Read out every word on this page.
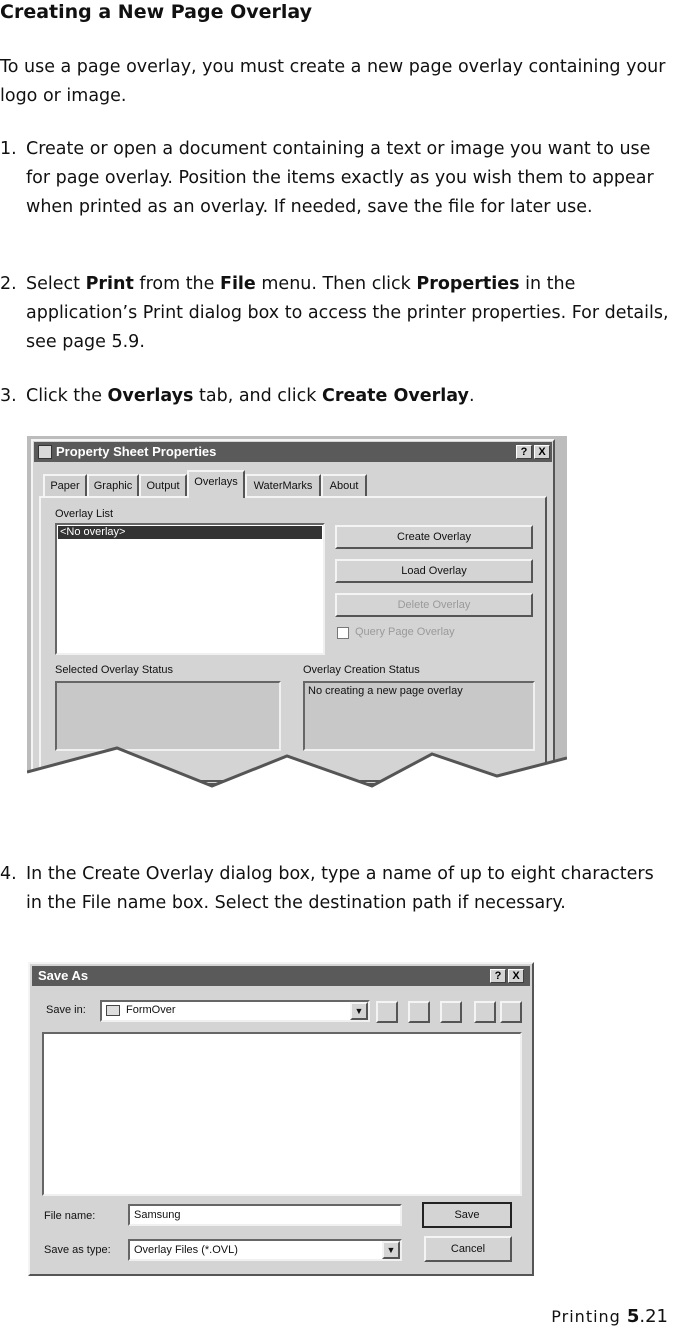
Creating a New Page Overlay
To use a page overlay, you must create a new page overlay containing your logo or image.
1. Create or open a document containing a text or image you want to use for page overlay. Position the items exactly as you wish them to appear when printed as an overlay. If needed, save the file for later use.
2. Select Print from the File menu. Then click Properties in the application’s Print dialog box to access the printer properties. For details, see page 5.9.
3. Click the Overlays tab, and click Create Overlay.
Property Sheet Properties	? X
Paper	Graphic	Output	Overlays	WaterMarks	About
Overlay List
<No overlay>	Create Overlay
Load Overlay
Delete Overlay
Query Page Overlay
Selected Overlay Status	Overlay Creation Status
No creating a new page overlay
4. In the Create Overlay dialog box, type a name of up to eight characters in the File name box. Select the destination path if necessary.
Save As	? X
Save in:	FormOver	▼
File name:	Samsung
Save as type: Overlay Files (*.OVL)	▼
Save
Cancel
Printing 5.21
